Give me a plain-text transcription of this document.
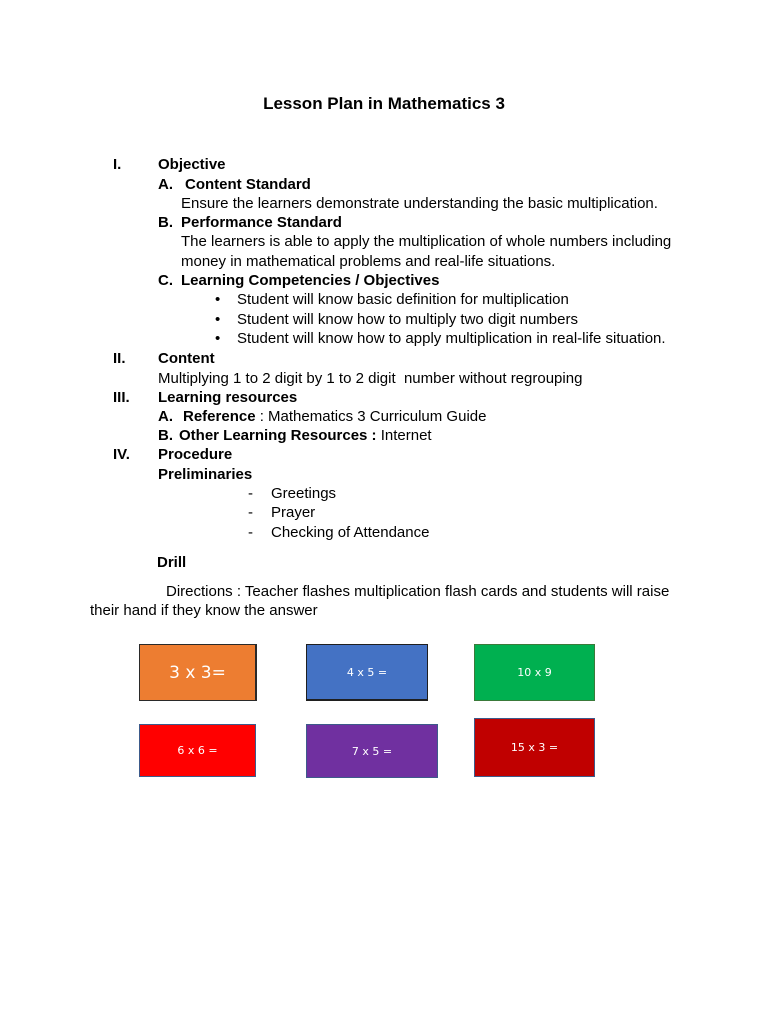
Lesson Plan in Mathematics 3
I. Objective
A. Content Standard
Ensure the learners demonstrate understanding the basic multiplication.
B. Performance Standard
The learners is able to apply the multiplication of whole numbers including
money in mathematical problems and real-life situations.
C. Learning Competencies / Objectives
• Student will know basic definition for multiplication
• Student will know how to multiply two digit numbers
• Student will know how to apply multiplication in real-life situation.
II. Content
Multiplying 1 to 2 digit by 1 to 2 digit  number without regrouping
III. Learning resources
A. Reference : Mathematics 3 Curriculum Guide
B. Other Learning Resources : Internet
IV. Procedure
Preliminaries
- Greetings
- Prayer
- Checking of Attendance
Drill
Directions : Teacher flashes multiplication flash cards and students will raise
their hand if they know the answer
3 x 3=	4 x 5 =	10 x 9
6 x 6 =	7 x 5 =	15 x 3 =
